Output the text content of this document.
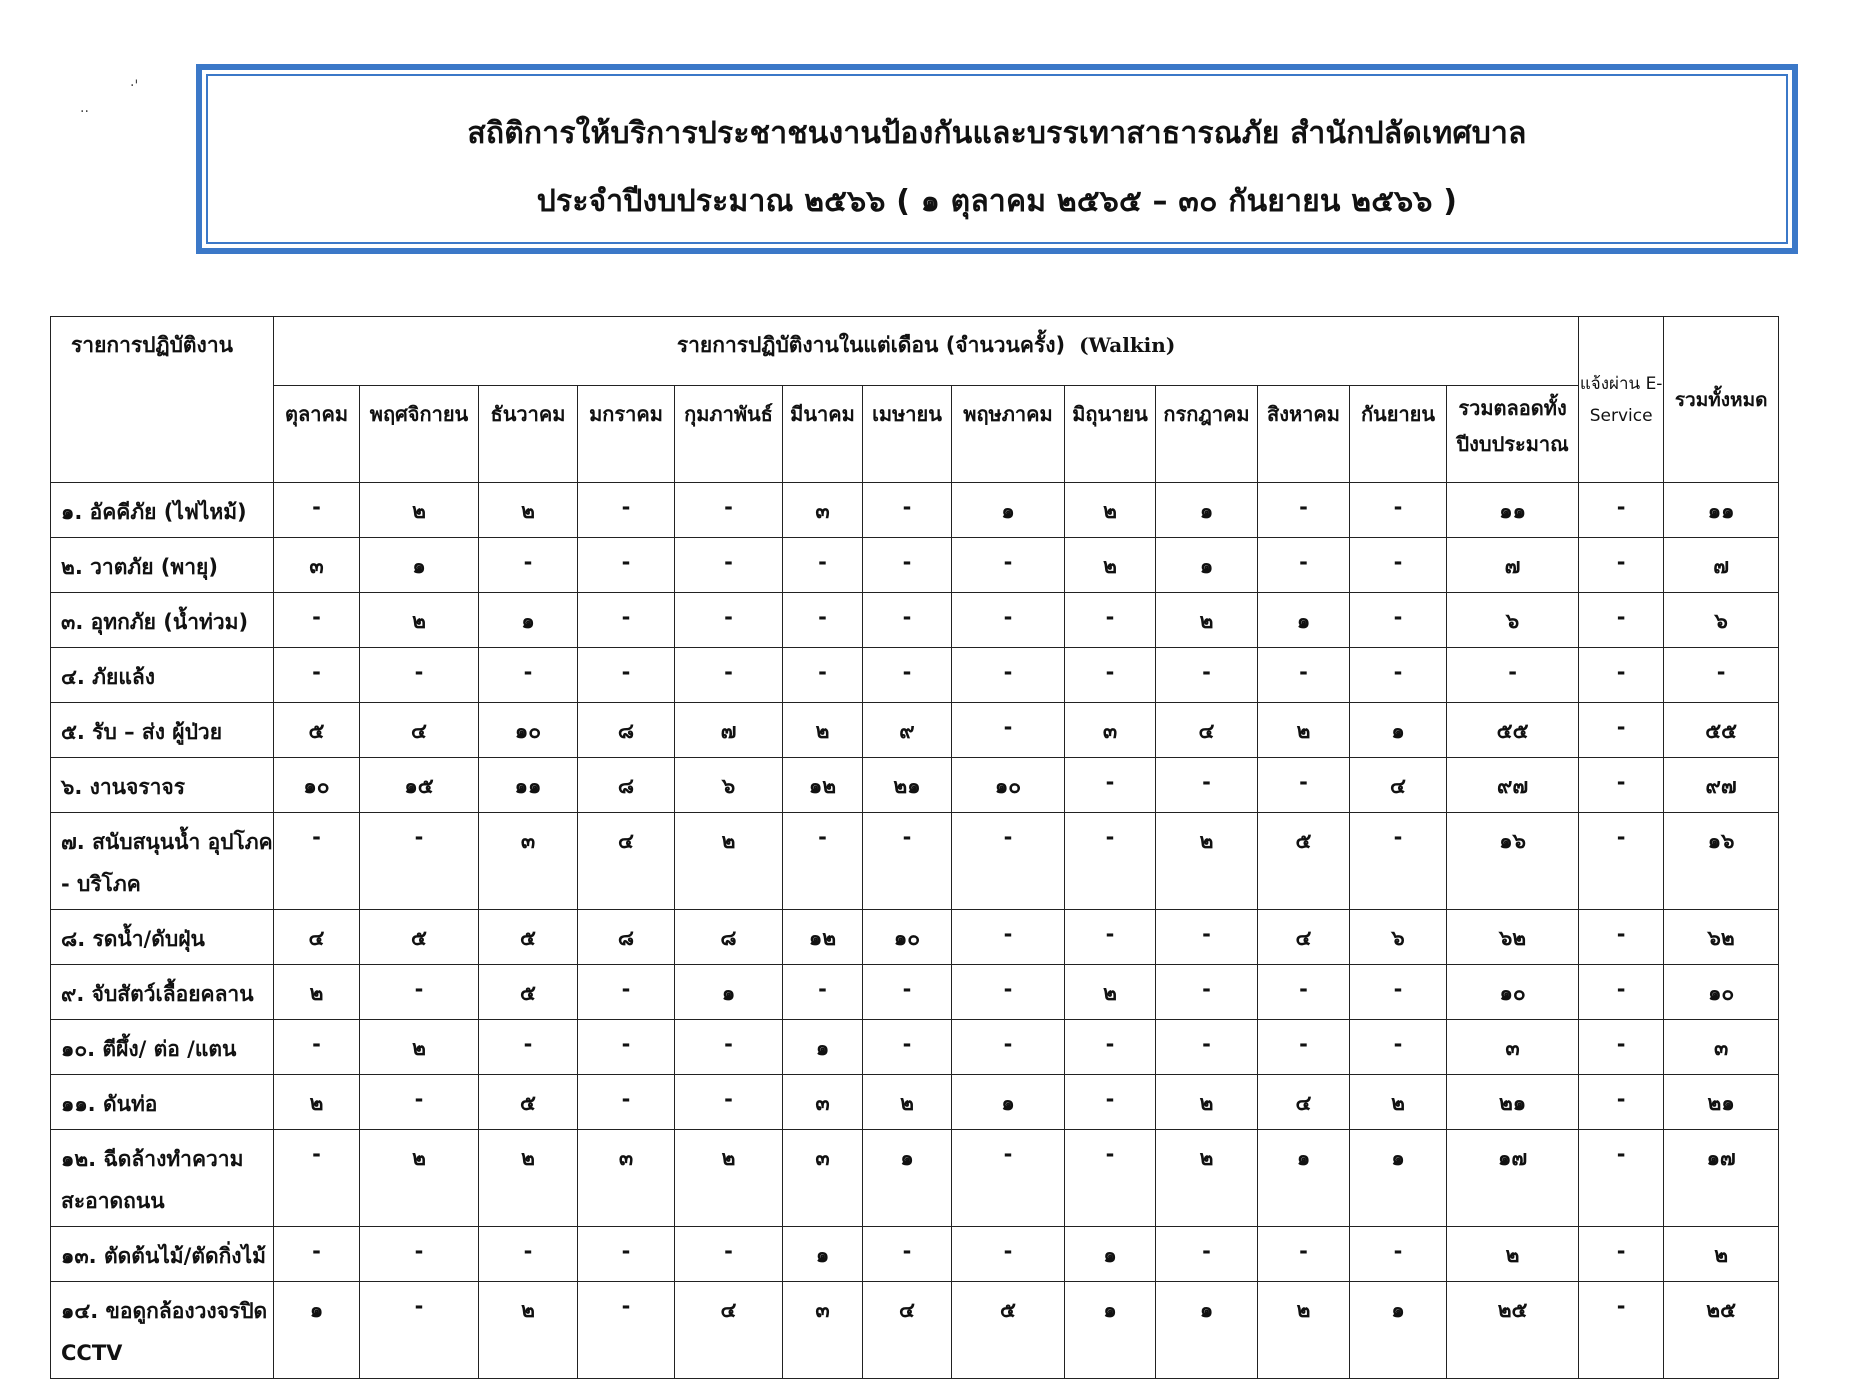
·'
··
สถิติการให้บริการประชาชนงานป้องกันและบรรเทาสาธารณภัย สำนักปลัดเทศบาล
ประจำปีงบประมาณ ๒๕๖๖ ( ๑ ตุลาคม ๒๕๖๕ – ๓๐ กันยายน ๒๕๖๖ )
รายการปฏิบัติงาน	รายการปฏิบัติงานในแต่เดือน (จำนวนครั้ง) (Walkin)													แจ้งผ่าน E-Service	รวมทั้งหมด
	ตุลาคม	พฤศจิกายน	ธันวาคม	มกราคม	กุมภาพันธ์	มีนาคม	เมษายน	พฤษภาคม	มิถุนายน	กรกฎาคม	สิงหาคม	กันยายน	รวมตลอดทั้ง ปีงบประมาณ		
๑. อัคคีภัย (ไฟไหม้)	-	๒	๒	-	-	๓	-	๑	๒	๑	-	-	๑๑	-	๑๑
๒. วาตภัย (พายุ)	๓	๑	-	-	-	-	-	-	๒	๑	-	-	๗	-	๗
๓. อุทกภัย (น้ำท่วม)	-	๒	๑	-	-	-	-	-	-	๒	๑	-	๖	-	๖
๔. ภัยแล้ง	-	-	-	-	-	-	-	-	-	-	-	-	-	-	-
๕. รับ – ส่ง ผู้ป่วย	๕	๔	๑๐	๘	๗	๒	๙	-	๓	๔	๒	๑	๕๕	-	๕๕
๖. งานจราจร	๑๐	๑๕	๑๑	๘	๖	๑๒	๒๑	๑๐	-	-	-	๔	๙๗	-	๙๗
๗. สนับสนุนน้ำ อุปโภค - บริโภค	-	-	๓	๔	๒	-	-	-	-	๒	๕	-	๑๖	-	๑๖
๘. รดน้ำ/ดับฝุ่น	๔	๕	๕	๘	๘	๑๒	๑๐	-	-	-	๔	๖	๖๒	-	๖๒
๙. จับสัตว์เลื้อยคลาน	๒	-	๕	-	๑	-	-	-	๒	-	-	-	๑๐	-	๑๐
๑๐. ตีผึ้ง/ ต่อ /แตน	-	๒	-	-	-	๑	-	-	-	-	-	-	๓	-	๓
๑๑. ดันท่อ	๒	-	๕	-	-	๓	๒	๑	-	๒	๔	๒	๒๑	-	๒๑
๑๒. ฉีดล้างทำความ สะอาดถนน	-	๒	๒	๓	๒	๓	๑	-	-	๒	๑	๑	๑๗	-	๑๗
๑๓. ตัดต้นไม้/ตัดกิ่งไม้	-	-	-	-	-	๑	-	-	๑	-	-	-	๒	-	๒
๑๔. ขอดูกล้องวงจรปิด CCTV	๑	-	๒	-	๔	๓	๔	๕	๑	๑	๒	๑	๒๕	-	๒๕
